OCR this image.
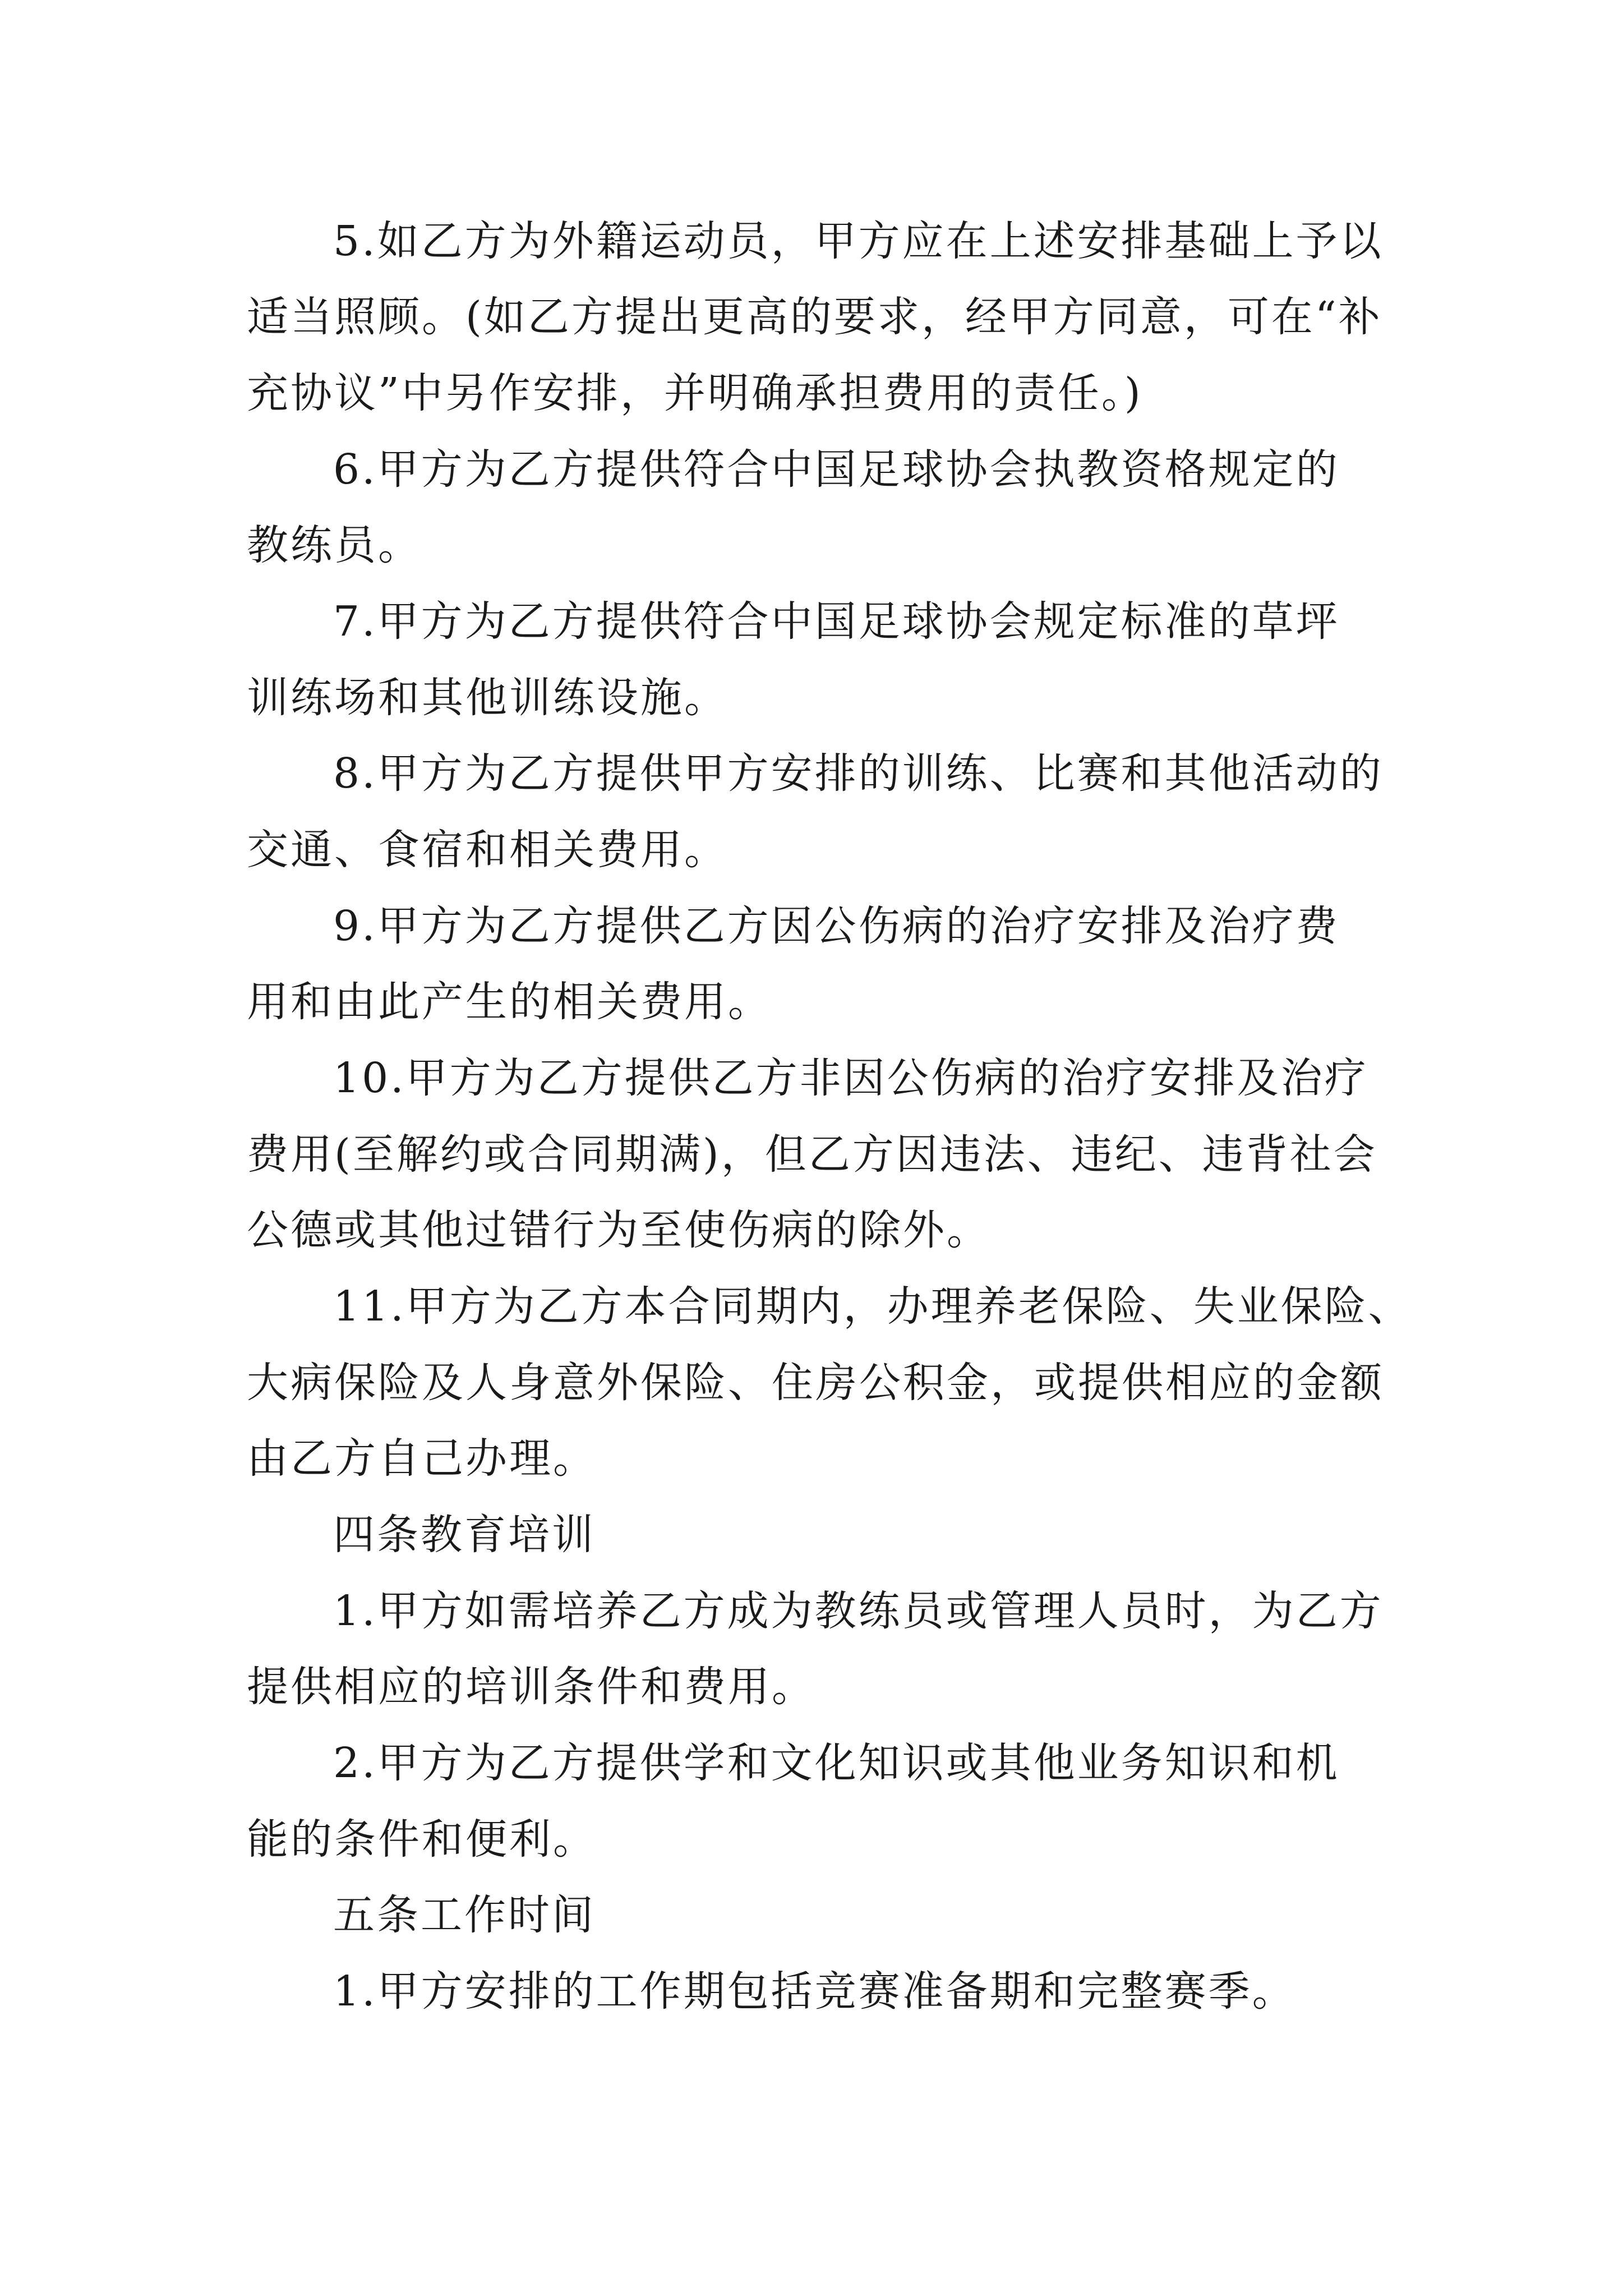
5.如乙方为外籍运动员，甲方应在上述安排基础上予以
适当照顾。(如乙方提出更高的要求，经甲方同意，可在“补
充协议”中另作安排，并明确承担费用的责任。)
6.甲方为乙方提供符合中国足球协会执教资格规定的
教练员。
7.甲方为乙方提供符合中国足球协会规定标准的草坪
训练场和其他训练设施。
8.甲方为乙方提供甲方安排的训练、比赛和其他活动的
交通、食宿和相关费用。
9.甲方为乙方提供乙方因公伤病的治疗安排及治疗费
用和由此产生的相关费用。
10.甲方为乙方提供乙方非因公伤病的治疗安排及治疗
费用(至解约或合同期满)，但乙方因违法、违纪、违背社会
公德或其他过错行为至使伤病的除外。
11.甲方为乙方本合同期内，办理养老保险、失业保险、
大病保险及人身意外保险、住房公积金，或提供相应的金额
由乙方自己办理。
四条教育培训
1.甲方如需培养乙方成为教练员或管理人员时，为乙方
提供相应的培训条件和费用。
2.甲方为乙方提供学和文化知识或其他业务知识和机
能的条件和便利。
五条工作时间
1.甲方安排的工作期包括竞赛准备期和完整赛季。
